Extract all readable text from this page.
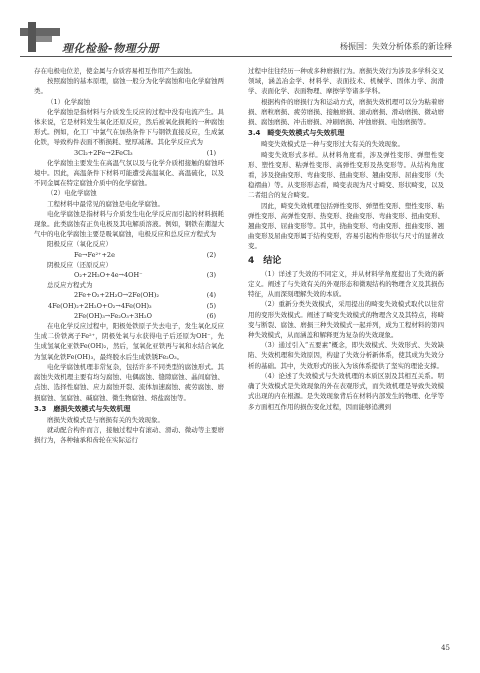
理化检验-物理分册	杨振国：失效分析体系的新诠释
存在电极电位差，使金属与介质容易相互作用产生腐蚀。
按照腐蚀的基本原理，腐蚀一般分为化学腐蚀和电化学腐蚀两类。
（1）化学腐蚀
化学腐蚀是指材料与介质发生反应的过程中没有电流产生。具体来说，它是材料发生氧化还原反应，然后被氧化损耗的一种腐蚀形式。例如，化工厂中氯气在加热条件下与钢铁直接反应，生成氯化铁，导致构件表面不断损耗、壁厚减薄。其化学反应式为
3Cl₂+2Fe→2FeCl₃	(1)
化学腐蚀主要发生在高温气氛以及与化学介质相接触的腐蚀环境中。因此，高温条件下材料可能遭受高温氧化、高温硫化，以及不同金属在特定腐蚀介质中的化学腐蚀。
（2）电化学腐蚀
工程材料中最常见的腐蚀是电化学腐蚀。
电化学腐蚀是指材料与介质发生电化学反应而引起的材料损耗现象。此类腐蚀有正负电极及其电解质溶液。例如，钢铁在潮湿大气中的电化学腐蚀主要是吸氧腐蚀，电极反应和总反应方程式为
阳极反应（氧化反应）
Fe→Fe²⁺+2e	(2)
阴极反应（还原反应）
O₂+2H₂O+4e→4OH⁻	(3)
总反应方程式为
2Fe+O₂+2H₂O→2Fe(OH)₂	(4)
4Fe(OH)₂+2H₂O+O₂→4Fe(OH)₃	(5)
2Fe(OH)₃→Fe₂O₃+3H₂O	(6)
在电化学反应过程中，阳极处铁原子失去电子，发生氧化反应生成二价铁离子Fe²⁺，阴极处氧与水获得电子后还原为OH⁻，先生成氢氧化亚铁Fe(OH)₂，然后，氢氧化亚铁再与氧和水结合氧化为氢氧化铁Fe(OH)₃，最终脱水后生成铁锈Fe₂O₃。
电化学腐蚀机理非常复杂，包括许多不同类型的腐蚀形式。其腐蚀失效机理主要有均匀腐蚀、电偶腐蚀、缝隙腐蚀、晶间腐蚀、点蚀、选择性腐蚀、应力腐蚀开裂、流体加速腐蚀、疲劳腐蚀、磨损腐蚀、氢腐蚀、碱腐蚀、微生物腐蚀、熔盐腐蚀等。
3.3　磨损失效模式与失效机理
磨损失效模式是与磨损有关的失效现象。
就动配合构件而言，接触过程中有滚动、滑动、微动等主要磨损行为，各种轴承和齿轮在实际运行
过程中往往经历一种或多种磨损行为。磨损失效行为涉及多学科交叉领域，涵盖冶金学、材料学、表面技术、机械学、固体力学、润滑学、表面化学、表面物理、摩擦学等诸多学科。
根据构件的磨损行为和运动方式，磨损失效机理可以分为粘着磨损、磨粒磨损、疲劳磨损、接触磨损、滚动磨损、滑动磨损、微动磨损、腐蚀磨损、冲击磨损、冲刷磨损、冲蚀磨损、电蚀磨损等。
3.4　畸变失效模式与失效机理
畸变失效模式是一种与变形过大有关的失效现象。
畸变失效形式多样。从材料角度看，涉及弹性变形、弹塑性变形、塑性变形、粘弹性变形、高弹性变形及热变形等。从结构角度看，涉及挠曲变形、弯曲变形、扭曲变形、翘曲变形、屈曲变形（失稳褶曲）等。从变形形态看，畸变表现为尺寸畸变、形状畸变，以及二者组合的复合畸变。
因此，畸变失效机理包括弹性变形、弹塑性变形、塑性变形、粘弹性变形、高弹性变形、热变形、挠曲变形、弯曲变形、扭曲变形、翘曲变形、屈曲变形等。其中，挠曲变形、弯曲变形、扭曲变形、翘曲变形及屈曲变形属于结构变形，容易引起构件形状与尺寸的显著改变。
4　结论
（1）详述了失效的不同定义，并从材料学角度提出了失效的新定义。阐述了与失效有关的外观形态和微观结构的物理含义及其损伤特征，从而深刻理解失效的本质。
（2）重新分类失效模式，采用提出的畸变失效模式取代以往常用的变形失效模式。阐述了畸变失效模式的物理含义及其特点，将畸变与断裂、腐蚀、磨损三种失效模式一起并列，成为工程材料的第四种失效模式，从而涵盖和解释更为复杂的失效现象。
（3）通过引入“五要素”概念，即失效模式、失效形式、失效缺陷、失效机理和失效原因，构建了失效分析新体系，使其成为失效分析的基础。其中，失效形式的嵌入为该体系提供了坚实的理论支撑。
（4）论述了失效模式与失效机理的本质区别及其相互关系。明确了失效模式是失效现象的外在表观形式，而失效机理是导致失效模式出现的内在根源。是失效现象背后在材料内部发生的物理、化学等多方面相互作用的损伤变化过程，因而能够追溯到
45
